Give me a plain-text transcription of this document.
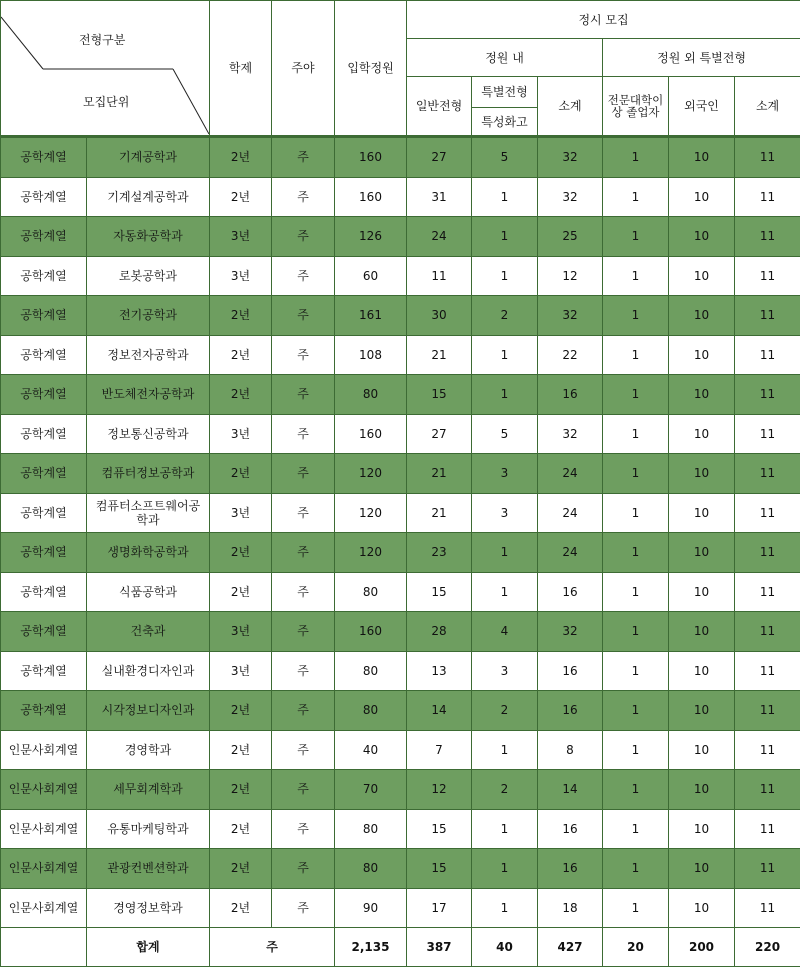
전형구분
모집단위		학제	주야	입학정원	정시 모집					
					정원 내			정원 외 특별전형		
					일반전형	특별전형	소계	전문대학이상 졸업자	외국인	소계
						특성화고				
공학계열	기계공학과	2년	주	160	27	5	32	1	10	11
공학계열	기계설계공학과	2년	주	160	31	1	32	1	10	11
공학계열	자동화공학과	3년	주	126	24	1	25	1	10	11
공학계열	로봇공학과	3년	주	60	11	1	12	1	10	11
공학계열	전기공학과	2년	주	161	30	2	32	1	10	11
공학계열	정보전자공학과	2년	주	108	21	1	22	1	10	11
공학계열	반도체전자공학과	2년	주	80	15	1	16	1	10	11
공학계열	정보통신공학과	3년	주	160	27	5	32	1	10	11
공학계열	컴퓨터정보공학과	2년	주	120	21	3	24	1	10	11
공학계열	컴퓨터소프트웨어공학과	3년	주	120	21	3	24	1	10	11
공학계열	생명화학공학과	2년	주	120	23	1	24	1	10	11
공학계열	식품공학과	2년	주	80	15	1	16	1	10	11
공학계열	건축과	3년	주	160	28	4	32	1	10	11
공학계열	실내환경디자인과	3년	주	80	13	3	16	1	10	11
공학계열	시각정보디자인과	2년	주	80	14	2	16	1	10	11
인문사회계열	경영학과	2년	주	40	7	1	8	1	10	11
인문사회계열	세무회계학과	2년	주	70	12	2	14	1	10	11
인문사회계열	유통마케팅학과	2년	주	80	15	1	16	1	10	11
인문사회계열	관광컨벤션학과	2년	주	80	15	1	16	1	10	11
인문사회계열	경영정보학과	2년	주	90	17	1	18	1	10	11
	합계	주		2,135	387	40	427	20	200	220
